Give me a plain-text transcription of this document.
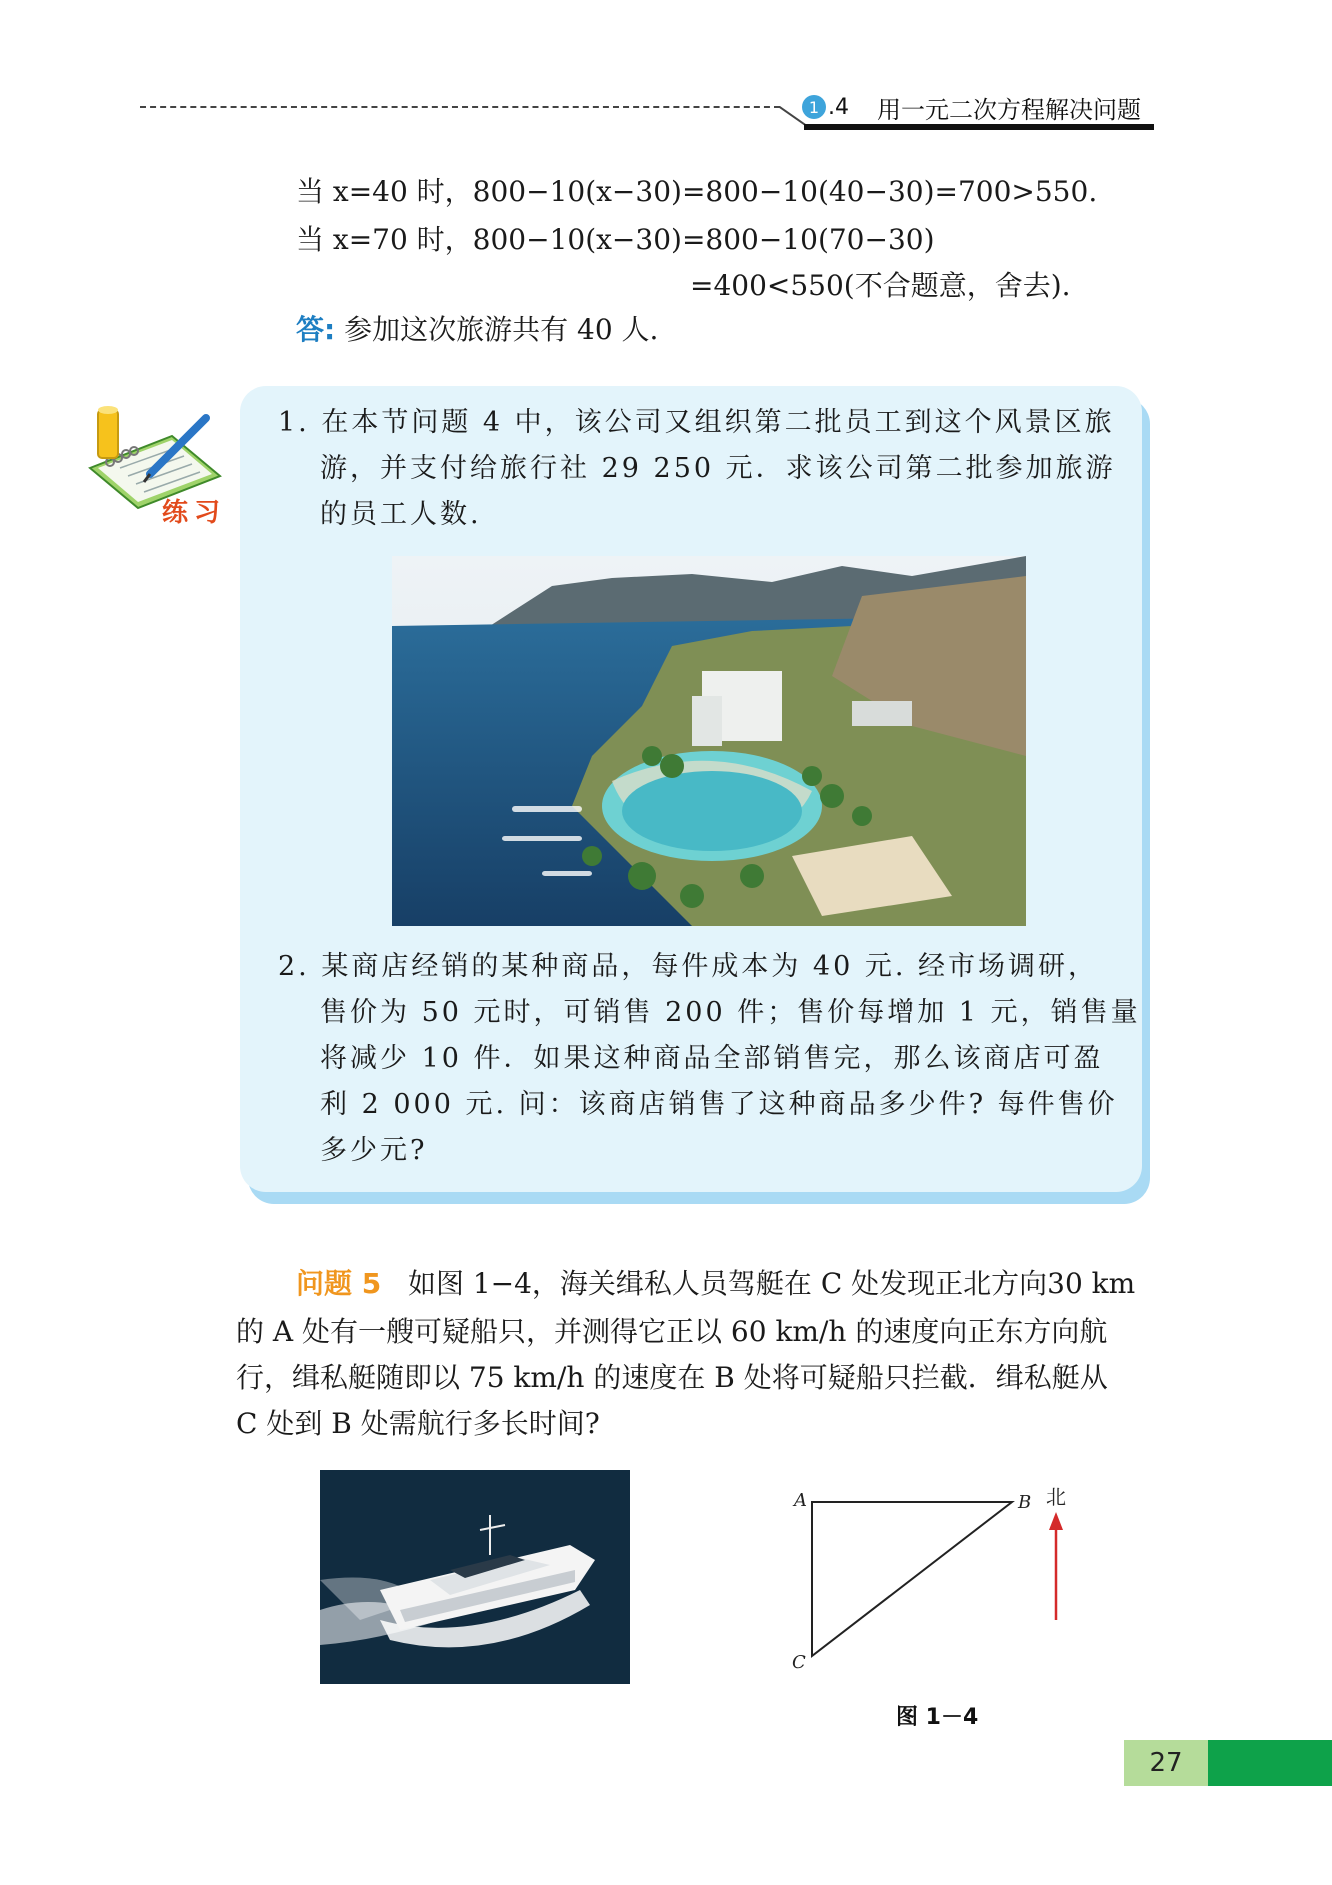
1 .4 用一元二次方程解决问题
当 x=40 时，800−10(x−30)=800−10(40−30)=700>550.
当 x=70 时，800−10(x−30)=800−10(70−30)
=400<550(不合题意，舍去).
答: 参加这次旅游共有 40 人.
练习
1. 在本节问题 4 中，该公司又组织第二批员工到这个风景区旅
游，并支付给旅行社 29 250 元．求该公司第二批参加旅游
的员工人数.
2. 某商店经销的某种商品，每件成本为 40 元. 经市场调研，
售价为 50 元时，可销售 200 件；售价每增加 1 元，销售量
将减少 10 件．如果这种商品全部销售完，那么该商店可盈
利 2 000 元. 问：该商店销售了这种商品多少件? 每件售价
多少元?
问题 5 如图 1−4，海关缉私人员驾艇在 C 处发现正北方向30 km
的 A 处有一艘可疑船只，并测得它正以 60 km/h 的速度向正东方向航
行，缉私艇随即以 75 km/h 的速度在 B 处将可疑船只拦截．缉私艇从
C 处到 B 处需航行多长时间?
A	B
C
北
图 1－4
27
